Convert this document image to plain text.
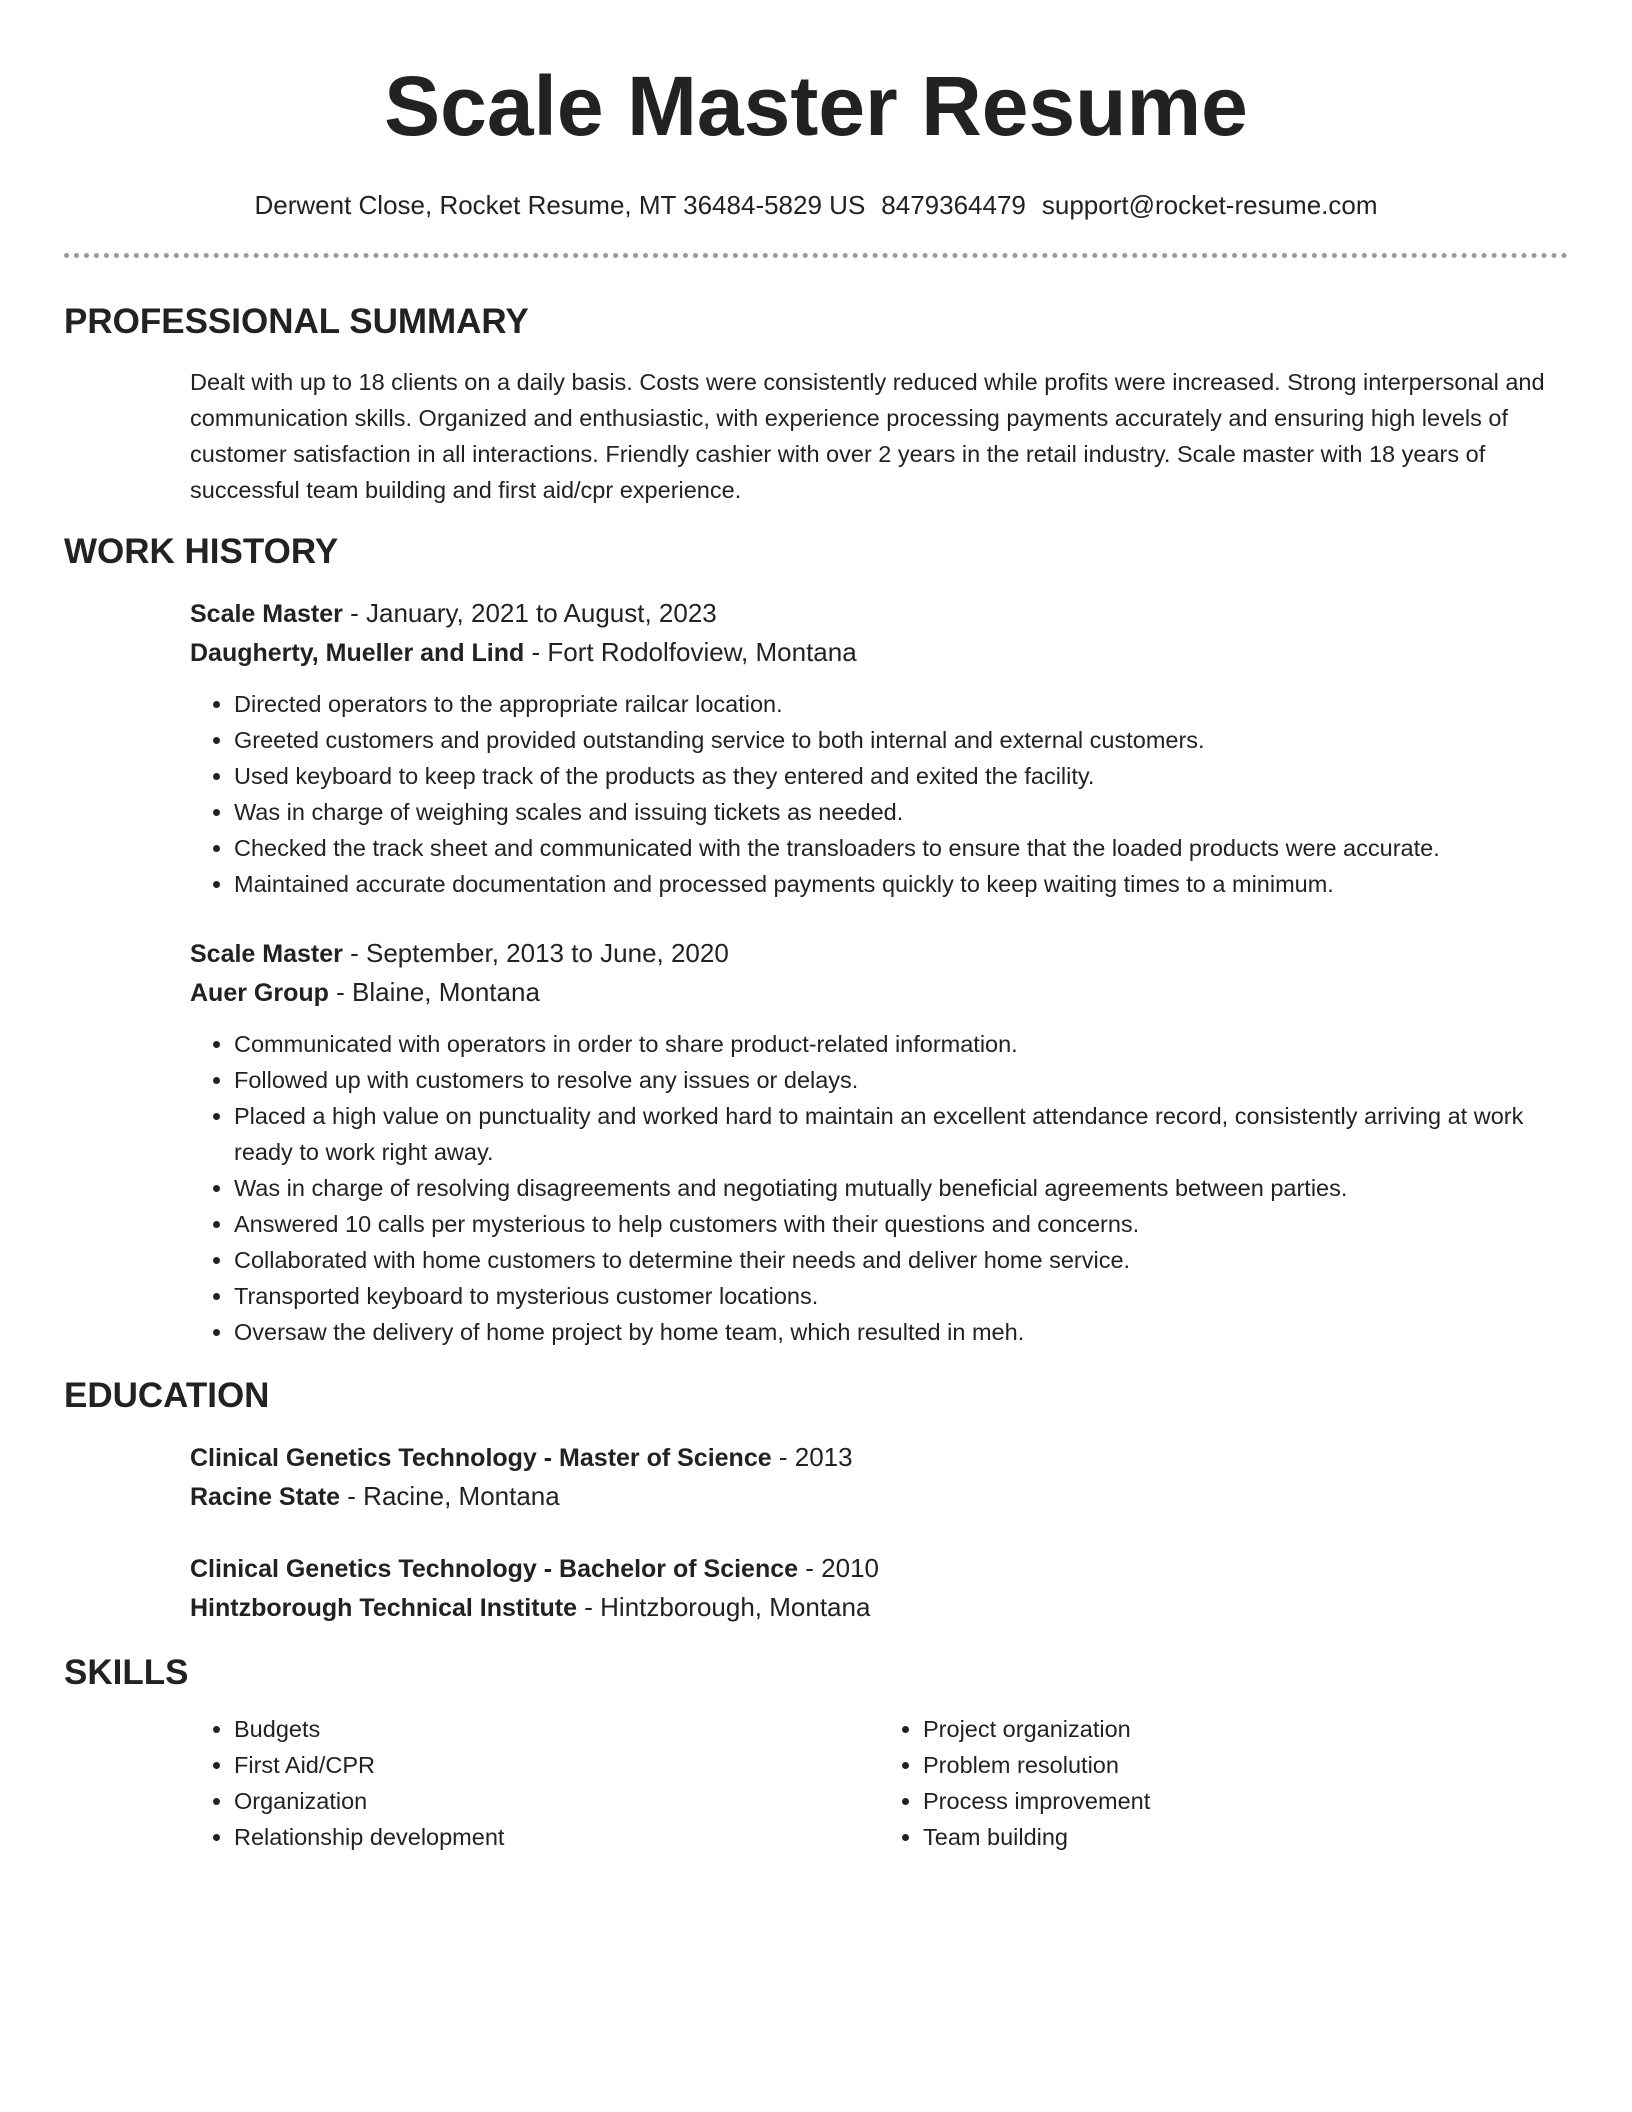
Scale Master Resume
Derwent Close, Rocket Resume, MT 36484-5829 US 8479364479 support@rocket-resume.com
PROFESSIONAL SUMMARY

Dealt with up to 18 clients on a daily basis. Costs were consistently reduced while profits were increased. Strong interpersonal and communication skills. Organized and enthusiastic, with experience processing payments accurately and ensuring high levels of customer satisfaction in all interactions. Friendly cashier with over 2 years in the retail industry. Scale master with 18 years of successful team building and first aid/cpr experience.

WORK HISTORY
Scale Master - January, 2021 to August, 2023
Daugherty, Mueller and Lind - Fort Rodolfoview, Montana
• Directed operators to the appropriate railcar location.
• Greeted customers and provided outstanding service to both internal and external customers.
• Used keyboard to keep track of the products as they entered and exited the facility.
• Was in charge of weighing scales and issuing tickets as needed.
• Checked the track sheet and communicated with the transloaders to ensure that the loaded products were accurate.
• Maintained accurate documentation and processed payments quickly to keep waiting times to a minimum.
Scale Master - September, 2013 to June, 2020
Auer Group - Blaine, Montana
• Communicated with operators in order to share product-related information.
• Followed up with customers to resolve any issues or delays.
• Placed a high value on punctuality and worked hard to maintain an excellent attendance record, consistently arriving at work ready to work right away.
• Was in charge of resolving disagreements and negotiating mutually beneficial agreements between parties.
• Answered 10 calls per mysterious to help customers with their questions and concerns.
• Collaborated with home customers to determine their needs and deliver home service.
• Transported keyboard to mysterious customer locations.
• Oversaw the delivery of home project by home team, which resulted in meh.
EDUCATION
Clinical Genetics Technology - Master of Science - 2013
Racine State - Racine, Montana
Clinical Genetics Technology - Bachelor of Science - 2010
Hintzborough Technical Institute - Hintzborough, Montana
SKILLS
• Budgets
• First Aid/CPR
• Organization
• Relationship development
• Project organization
• Problem resolution
• Process improvement
• Team building
